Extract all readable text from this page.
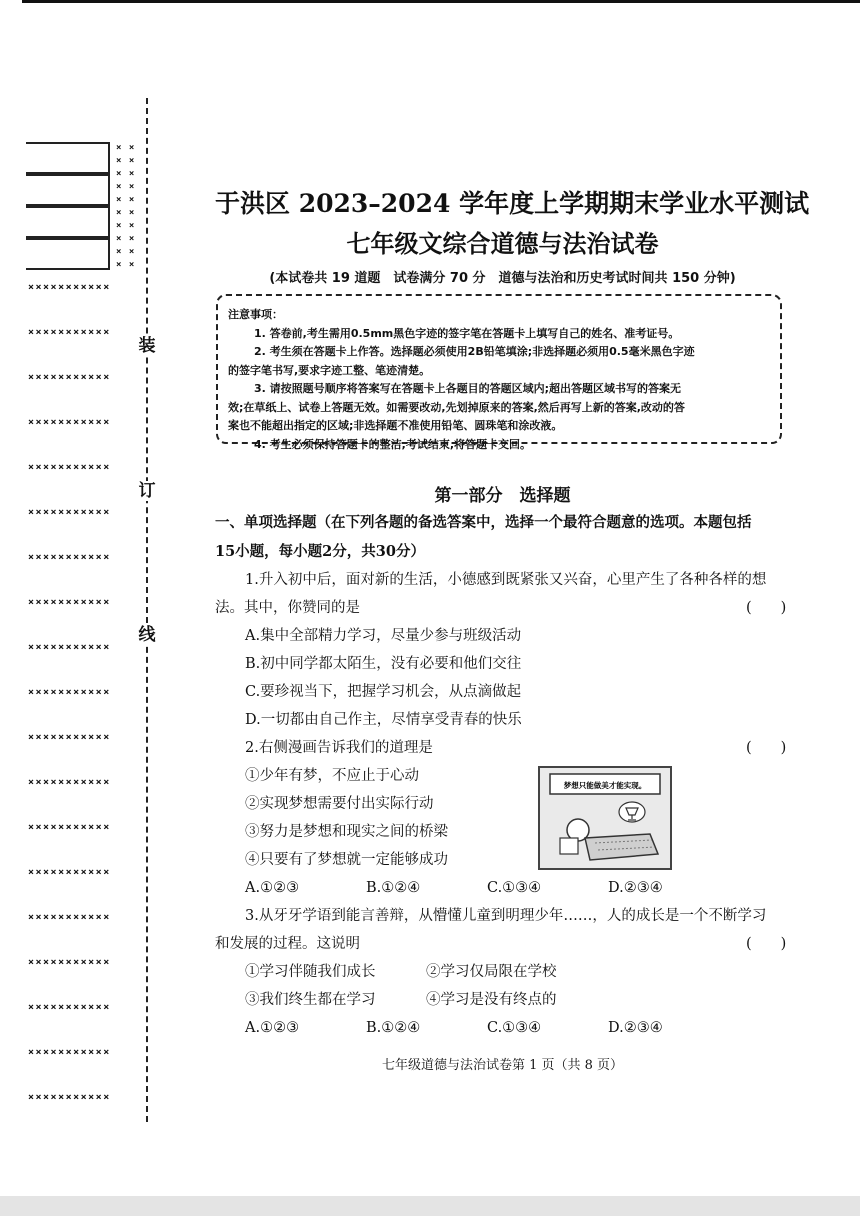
× ×
× ×
× ×
× ×
× ×
× ×
× ×
× ×
× ×
× ×
×××××××××××
×××××××××××
×××××××××××
×××××××××××
×××××××××××
×××××××××××
×××××××××××
×××××××××××
×××××××××××
×××××××××××
×××××××××××
×××××××××××
×××××××××××
×××××××××××
×××××××××××
×××××××××××
×××××××××××
×××××××××××
×××××××××××
装
订
线
于洪区 2023–2024 学年度上学期期末学业水平测试
七年级文综合道德与法治试卷
(本试卷共 19 道题　试卷满分 70 分　道德与法治和历史考试时间共 150 分钟)

注意事项：

1. 答卷前,考生需用0.5mm黑色字迹的签字笔在答题卡上填写自己的姓名、准考证号。

2. 考生须在答题卡上作答。选择题必须使用2B铅笔填涂;非选择题必须用0.5毫米黑色字迹

的签字笔书写,要求字迹工整、笔迹清楚。

3. 请按照题号顺序将答案写在答题卡上各题目的答题区域内;超出答题区域书写的答案无

效;在草纸上、试卷上答题无效。如需要改动,先划掉原来的答案,然后再写上新的答案,改动的答

案也不能超出指定的区域;非选择题不准使用铅笔、圆珠笔和涂改液。

4. 考生必须保持答题卡的整洁,考试结束,将答题卡交回。

第一部分　选择题
一、单项选择题（在下列各题的备选答案中，选择一个最符合题意的选项。本题包括
15小题，每小题2分，共30分）
1.升入初中后，面对新的生活，小德感到既紧张又兴奋，心里产生了各种各样的想
法。其中，你赞同的是	(　　)
A.集中全部精力学习，尽量少参与班级活动
B.初中同学都太陌生，没有必要和他们交往
C.要珍视当下，把握学习机会，从点滴做起
D.一切都由自己作主，尽情享受青春的快乐
2.右侧漫画告诉我们的道理是	(　　)
①少年有梦，不应止于心动
②实现梦想需要付出实际行动
③努力是梦想和现实之间的桥梁
④只要有了梦想就一定能够成功
梦想只能做美才能实现。
A.①②③	B.①②④	C.①③④	D.②③④
3.从牙牙学语到能言善辩，从懵懂儿童到明理少年……，人的成长是一个不断学习
和发展的过程。这说明	(　　)
①学习伴随我们成长	②学习仅局限在学校
③我们终生都在学习	④学习是没有终点的
A.①②③	B.①②④	C.①③④	D.②③④
七年级道德与法治试卷第 1 页（共 8 页）
